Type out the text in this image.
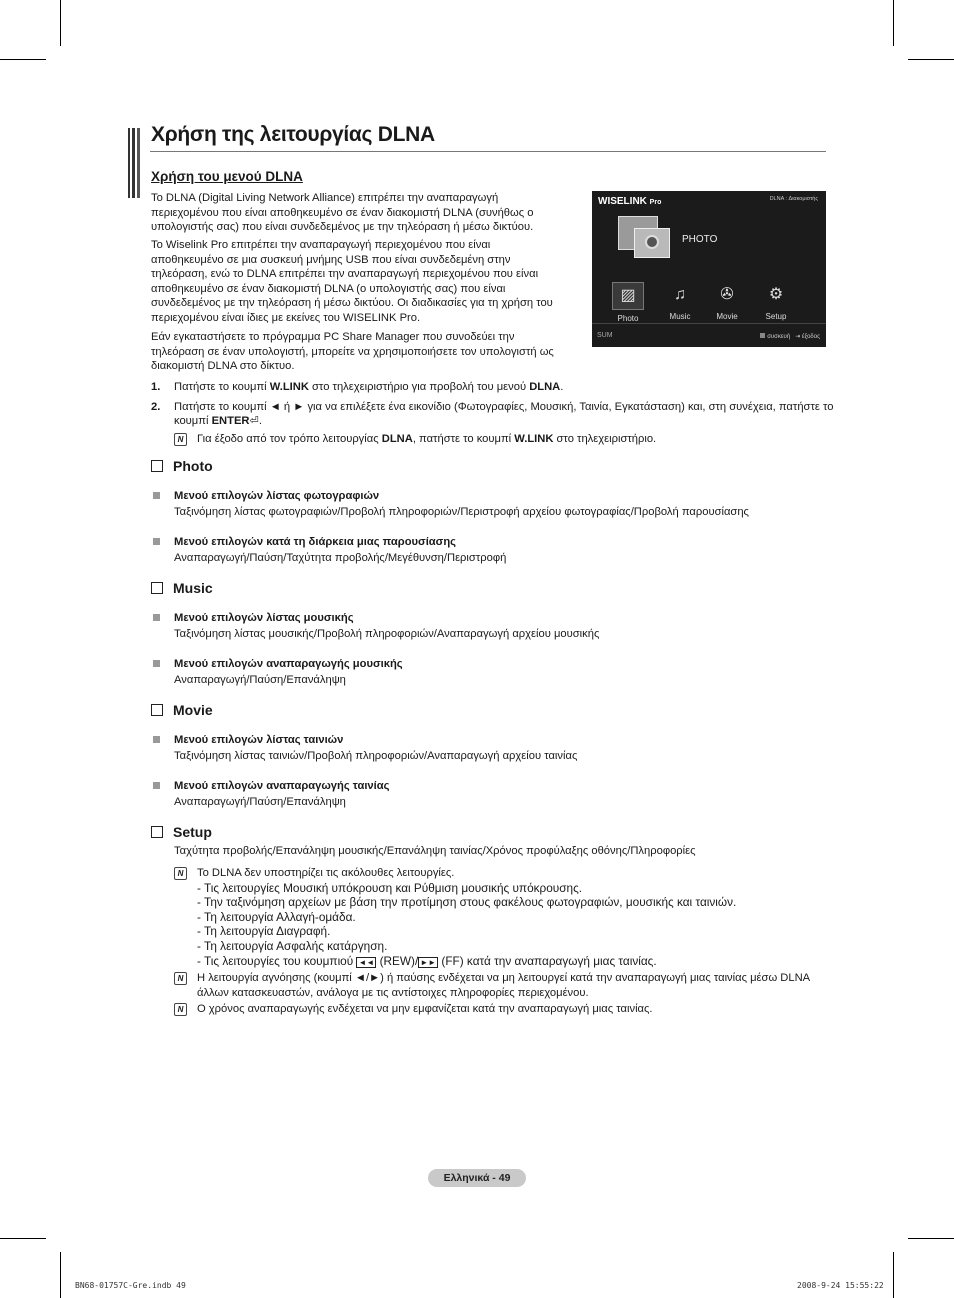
Χρήση της λειτουργίας DLNA
Χρήση του μενού DLNA
Το DLNA (Digital Living Network Alliance) επιτρέπει την αναπαραγωγή περιεχομένου που είναι αποθηκευμένο σε έναν διακομιστή DLNA (συνήθως ο υπολογιστής σας) που είναι συνδεδεμένος με την τηλεόραση ή μέσω δικτύου.
Το Wiselink Pro επιτρέπει την αναπαραγωγή περιεχομένου που είναι αποθηκευμένο σε μια συσκευή μνήμης USB που είναι συνδεδεμένη στην τηλεόραση, ενώ το DLNA επιτρέπει την αναπαραγωγή περιεχομένου που είναι αποθηκευμένο σε έναν διακομιστή DLNA (ο υπολογιστής σας) που είναι συνδεδεμένος με την τηλεόραση ή μέσω δικτύου. Οι διαδικασίες για τη χρήση του περιεχομένου είναι ίδιες με εκείνες του WISELINK Pro.
Εάν εγκαταστήσετε το πρόγραμμα PC Share Manager που συνοδεύει την τηλεόραση σε έναν υπολογιστή, μπορείτε να χρησιμοποιήσετε τον υπολογιστή ως διακομιστή DLNA στο δίκτυο.
WISELINK Pro	DLNA : Διακομιστής
PHOTO
▨
Photo
♫
Music
✇
Movie
⚙
Setup
SUM	συσκευή ⇥ έξοδος
1. Πατήστε το κουμπί W.LINK στο τηλεχειριστήριο για προβολή του μενού DLNA.
2. Πατήστε το κουμπί ◄ ή ► για να επιλέξετε ένα εικονίδιο (Φωτογραφίες, Μουσική, Ταινία, Εγκατάσταση) και, στη συνέχεια, πατήστε το κουμπί ENTER⏎.
N	Για έξοδο από τον τρόπο λειτουργίας DLNA, πατήστε το κουμπί W.LINK στο τηλεχειριστήριο.
Photo
Μενού επιλογών λίστας φωτογραφιών
Ταξινόμηση λίστας φωτογραφιών/Προβολή πληροφοριών/Περιστροφή αρχείου φωτογραφίας/Προβολή παρουσίασης
Μενού επιλογών κατά τη διάρκεια μιας παρουσίασης
Αναπαραγωγή/Παύση/Ταχύτητα προβολής/Μεγέθυνση/Περιστροφή
Music
Μενού επιλογών λίστας μουσικής
Ταξινόμηση λίστας μουσικής/Προβολή πληροφοριών/Αναπαραγωγή αρχείου μουσικής
Μενού επιλογών αναπαραγωγής μουσικής
Αναπαραγωγή/Παύση/Επανάληψη
Movie
Μενού επιλογών λίστας ταινιών
Ταξινόμηση λίστας ταινιών/Προβολή πληροφοριών/Αναπαραγωγή αρχείου ταινίας
Μενού επιλογών αναπαραγωγής ταινίας
Αναπαραγωγή/Παύση/Επανάληψη
Setup
Ταχύτητα προβολής/Επανάληψη μουσικής/Επανάληψη ταινίας/Χρόνος προφύλαξης οθόνης/Πληροφορίες
N	Το DLNA δεν υποστηρίζει τις ακόλουθες λειτουργίες.
- Τις λειτουργίες Μουσική υπόκρουση και Ρύθμιση μουσικής υπόκρουσης.
- Την ταξινόμηση αρχείων με βάση την προτίμηση στους φακέλους φωτογραφιών, μουσικής και ταινιών.
- Τη λειτουργία Αλλαγή-ομάδα.
- Τη λειτουργία Διαγραφή.
- Τη λειτουργία Ασφαλής κατάργηση.
- Τις λειτουργίες του κουμπιού ◄◄ (REW)/ ►► (FF) κατά την αναπαραγωγή μιας ταινίας.
N	Η λειτουργία αγνόησης (κουμπί ◄/►) ή παύσης ενδέχεται να μη λειτουργεί κατά την αναπαραγωγή μιας ταινίας μέσω DLNA άλλων κατασκευαστών, ανάλογα με τις αντίστοιχες πληροφορίες περιεχομένου.
N	Ο χρόνος αναπαραγωγής ενδέχεται να μην εμφανίζεται κατά την αναπαραγωγή μιας ταινίας.
Ελληνικά - 49
BN68-01757C-Gre.indb 49	2008-9-24 15:55:22
